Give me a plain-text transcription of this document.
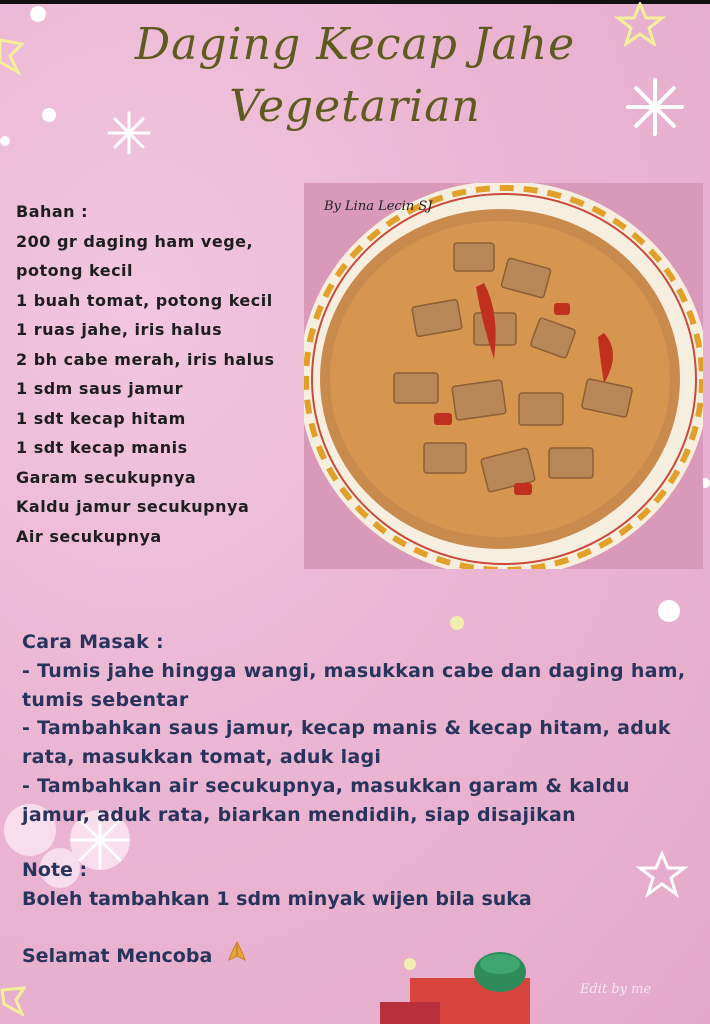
Daging Kecap Jahe
Vegetarian
Bahan :
200 gr daging ham vege,
potong kecil
1 buah tomat, potong kecil
1 ruas jahe, iris halus
2 bh cabe merah, iris halus
1 sdm saus jamur
1 sdt kecap hitam
1 sdt kecap manis
Garam secukupnya
Kaldu jamur secukupnya
Air secukupnya
By Lina Lecin SJ
Cara Masak :
- Tumis jahe hingga wangi, masukkan cabe dan daging ham,
tumis sebentar
- Tambahkan saus jamur, kecap manis & kecap hitam, aduk
rata, masukkan tomat, aduk lagi
- Tambahkan air secukupnya, masukkan garam & kaldu
jamur, aduk rata, biarkan mendidih, siap disajikan
Note :
Boleh tambahkan 1 sdm minyak wijen bila suka
Selamat Mencoba
Edit by me
